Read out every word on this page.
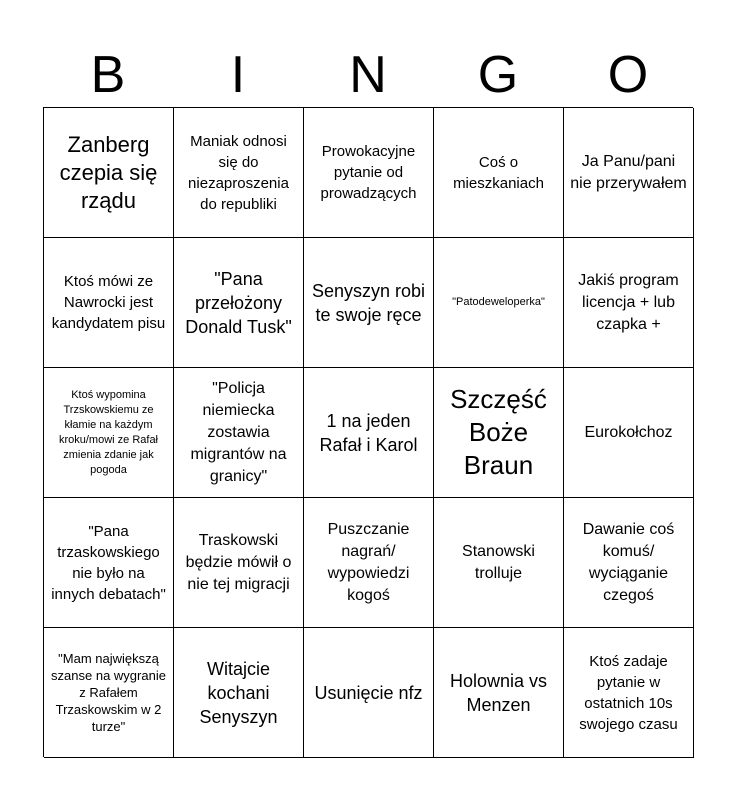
B	I	N	G	O
Zanberg czepia się rządu
Maniak odnosi się do niezaproszenia do republiki
Prowokacyjne pytanie od prowadzących
Coś o mieszkaniach
Ja Panu/pani nie przerywałem
Ktoś mówi ze Nawrocki jest kandydatem pisu
"Pana przełożony Donald Tusk"
Senyszyn robi te swoje ręce
"Patodeweloperka"
Jakiś program licencja + lub czapka +
Ktoś wypomina Trzskowskiemu ze kłamie na każdym kroku/mowi ze Rafał zmienia zdanie jak pogoda
"Policja niemiecka zostawia migrantów na granicy"
1 na jeden Rafał i Karol
Szczęść Boże Braun
Eurokołchoz
"Pana trzaskowskiego nie było na innych debatach"
Traskowski będzie mówił o nie tej migracji
Puszczanie nagrań/ wypowiedzi kogoś
Stanowski trolluje
Dawanie coś komuś/ wyciąganie czegoś
"Mam największą szanse na wygranie z Rafałem Trzaskowskim w 2 turze"
Witajcie kochani Senyszyn
Usunięcie nfz
Holownia vs Menzen
Ktoś zadaje pytanie w ostatnich 10s swojego czasu
